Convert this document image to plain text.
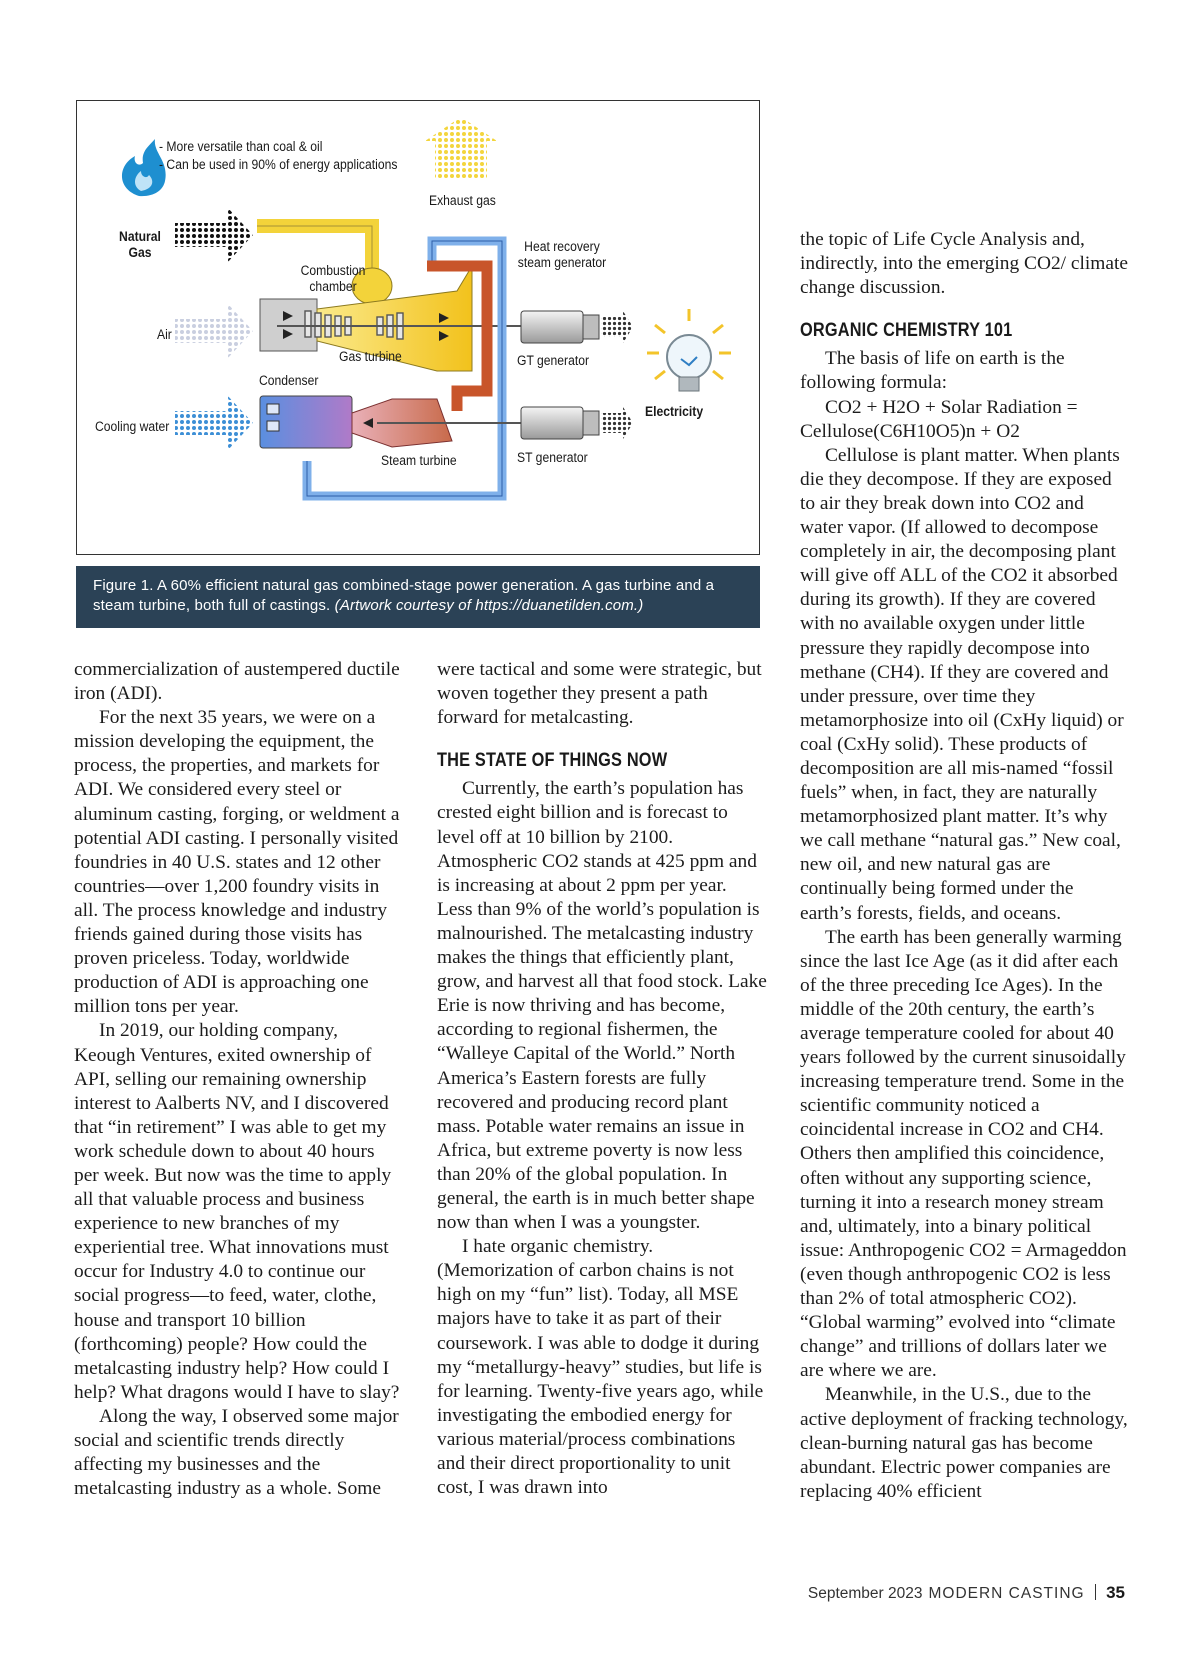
- More versatile than coal & oil
- Can be used in 90% of energy applications
Natural
Gas
Air
Cooling water
Exhaust gas
Combustion
chamber
Heat recovery
steam generator
Gas turbine	GT generator
Condenser
Electricity
ST generator
Steam turbine
Figure 1. A 60% efficient natural gas combined-stage power generation. A gas turbine and a steam turbine, both full of castings. (Artwork courtesy of https://duanetilden.com.)

commercialization of austempered ductile iron (ADI).

For the next 35 years, we were on a mission developing the equipment, the process, the properties, and markets for ADI. We considered every steel or aluminum casting, forging, or weldment a potential ADI casting. I personally visited foundries in 40 U.S. states and 12 other countries—over 1,200 foundry visits in all. The process knowledge and industry friends gained during those visits has proven priceless. Today, worldwide production of ADI is approaching one million tons per year.

In 2019, our holding company, Keough Ventures, exited ownership of API, selling our remaining ownership interest to Aalberts NV, and I discovered that “in retirement” I was able to get my work schedule down to about 40 hours per week. But now was the time to apply all that valuable process and business experience to new branches of my experiential tree. What innovations must occur for Industry 4.0 to continue our social progress—to feed, water, clothe, house and transport 10 billion (forthcoming) people? How could the metalcasting industry help? How could I help? What dragons would I have to slay?

Along the way, I observed some major social and scientific trends directly affecting my businesses and the metalcasting industry as a whole. Some

were tactical and some were strategic, but woven together they present a path forward for metalcasting.

THE STATE OF THINGS NOW

Currently, the earth’s population has crested eight billion and is forecast to level off at 10 billion by 2100. Atmospheric CO2 stands at 425 ppm and is increasing at about 2 ppm per year. Less than 9% of the world’s population is malnourished. The metalcasting industry makes the things that efficiently plant, grow, and harvest all that food stock. Lake Erie is now thriving and has become, according to regional fishermen, the “Walleye Capital of the World.” North America’s Eastern forests are fully recovered and producing record plant mass. Potable water remains an issue in Africa, but extreme poverty is now less than 20% of the global population. In general, the earth is in much better shape now than when I was a youngster.

I hate organic chemistry. (Memorization of carbon chains is not high on my “fun” list). Today, all MSE majors have to take it as part of their coursework. I was able to dodge it during my “metallurgy-heavy” studies, but life is for learning. Twenty-five years ago, while investigating the embodied energy for various material/process combinations and their direct proportionality to unit cost, I was drawn into

the topic of Life Cycle Analysis and, indirectly, into the emerging CO2/ climate change discussion.

ORGANIC CHEMISTRY 101

The basis of life on earth is the following formula:

CO2 + H2O + Solar Radiation =

Cellulose(C6H10O5)n + O2

Cellulose is plant matter. When plants die they decompose. If they are exposed to air they break down into CO2 and water vapor. (If allowed to decompose completely in air, the decomposing plant will give off ALL of the CO2 it absorbed during its growth). If they are covered with no available oxygen under little pressure they rapidly decompose into methane (CH4). If they are covered and under pressure, over time they metamorphosize into oil (CxHy liquid) or coal (CxHy solid). These products of decomposition are all mis-named “fossil fuels” when, in fact, they are naturally metamorphosized plant matter. It’s why we call methane “natural gas.” New coal, new oil, and new natural gas are continually being formed under the earth’s forests, fields, and oceans.

The earth has been generally warming since the last Ice Age (as it did after each of the three preceding Ice Ages). In the middle of the 20th century, the earth’s average temperature cooled for about 40 years followed by the current sinusoidally increasing temperature trend. Some in the scientific community noticed a coincidental increase in CO2 and CH4. Others then amplified this coincidence, often without any supporting science, turning it into a research money stream and, ultimately, into a binary political issue: Anthropogenic CO2 = Armageddon (even though anthropogenic CO2 is less than 2% of total atmospheric CO2). “Global warming” evolved into “climate change” and trillions of dollars later we are where we are.

Meanwhile, in the U.S., due to the active deployment of fracking technology, clean-burning natural gas has become abundant. Electric power companies are replacing 40% efficient

September 2023 MODERN CASTING 35
